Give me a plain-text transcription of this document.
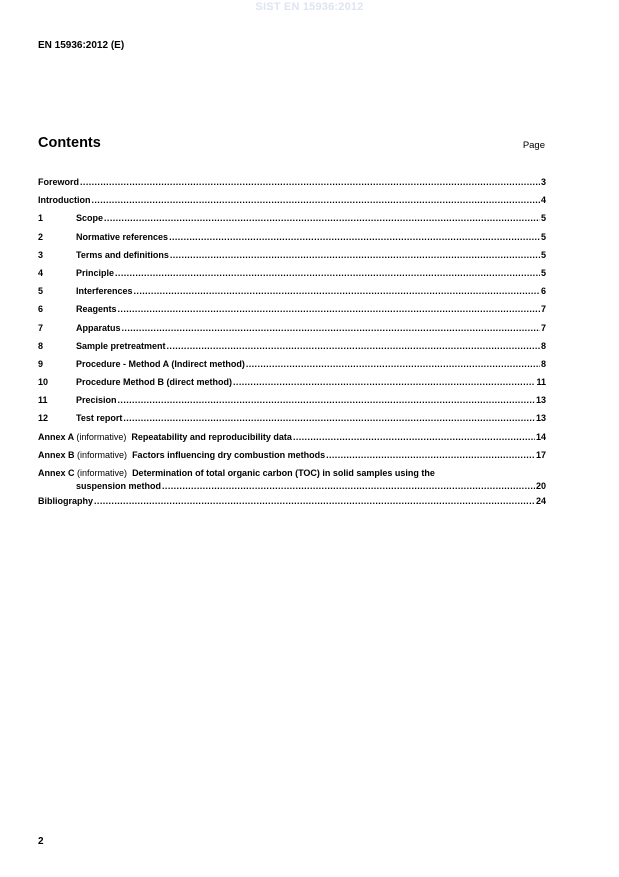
SIST EN 15936:2012
EN 15936:2012 (E)
Contents	Page
Foreword .....	3
Introduction .....	4
1	Scope .....	5
2	Normative references .....	5
3	Terms and definitions .....	5
4	Principle .....	5
5	Interferences .....	6
6	Reagents .....	7
7	Apparatus .....	7
8	Sample pretreatment .....	8
9	Procedure - Method A (Indirect method) .....	8
10	Procedure Method B (direct method) .....	11
11	Precision .....	13
12	Test report .....	13
Annex A (informative) Repeatability and reproducibility data .....	14
Annex B (informative) Factors influencing dry combustion methods .....	17
Annex C (informative) Determination of total organic carbon (TOC) in solid samples using the
suspension method .....	20
Bibliography .....	24
2
